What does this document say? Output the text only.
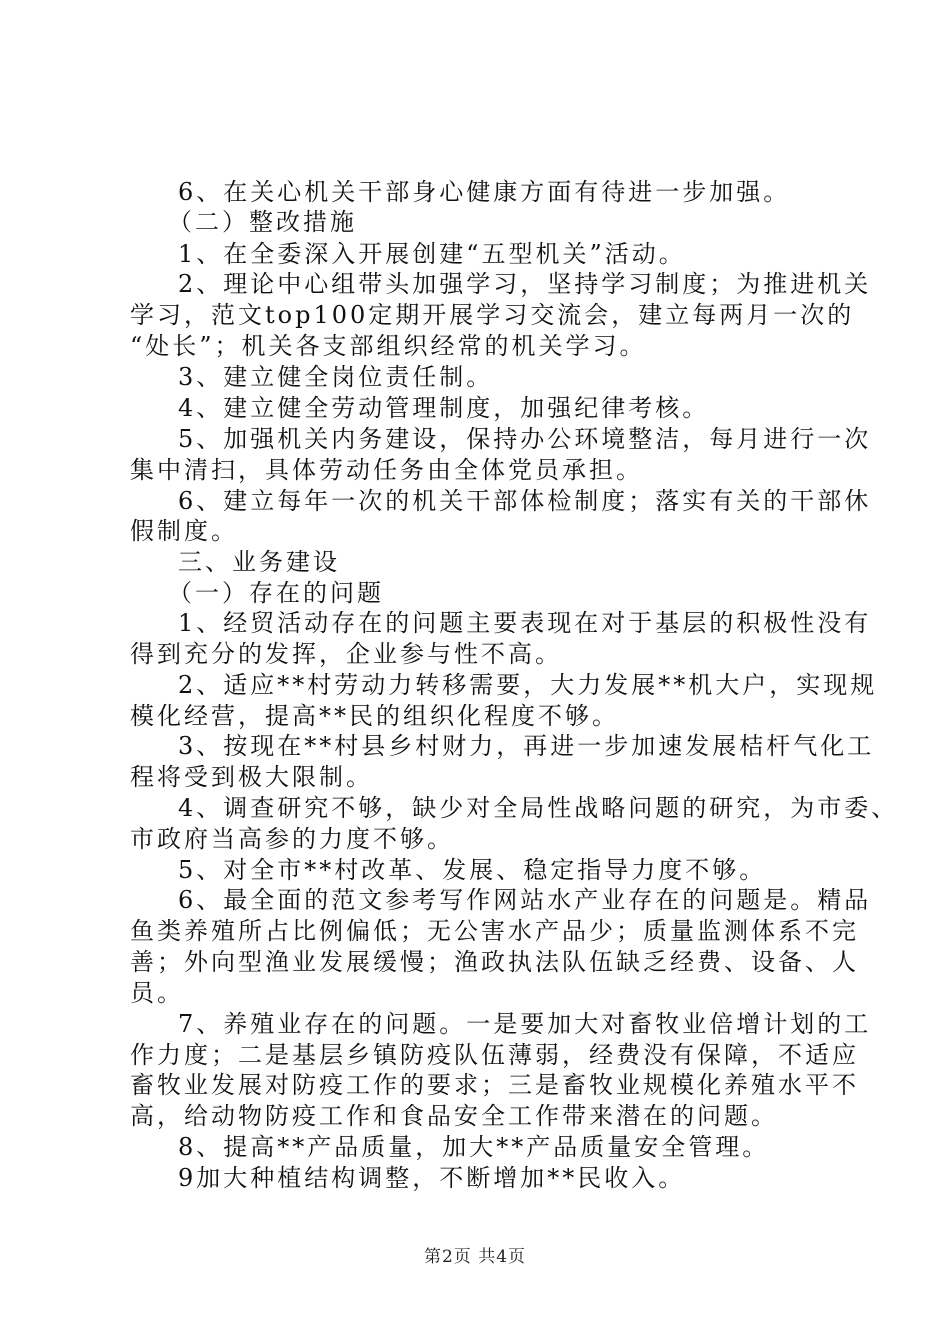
6、在关心机关干部身心健康方面有待进一步加强。
（二）整改措施
1、在全委深入开展创建“五型机关”活动。
2、理论中心组带头加强学习，坚持学习制度；为推进机关
学习，范文top100定期开展学习交流会，建立每两月一次的
“处长”；机关各支部组织经常的机关学习。
3、建立健全岗位责任制。
4、建立健全劳动管理制度，加强纪律考核。
5、加强机关内务建设，保持办公环境整洁，每月进行一次
集中清扫，具体劳动任务由全体党员承担。
6、建立每年一次的机关干部体检制度；落实有关的干部休
假制度。
三、业务建设
（一）存在的问题
1、经贸活动存在的问题主要表现在对于基层的积极性没有
得到充分的发挥，企业参与性不高。
2、适应**村劳动力转移需要，大力发展**机大户，实现规
模化经营，提高**民的组织化程度不够。
3、按现在**村县乡村财力，再进一步加速发展桔杆气化工
程将受到极大限制。
4、调查研究不够，缺少对全局性战略问题的研究，为市委、
市政府当高参的力度不够。
5、对全市**村改革、发展、稳定指导力度不够。
6、最全面的范文参考写作网站水产业存在的问题是。精品
鱼类养殖所占比例偏低；无公害水产品少；质量监测体系不完
善；外向型渔业发展缓慢；渔政执法队伍缺乏经费、设备、人
员。
7、养殖业存在的问题。一是要加大对畜牧业倍增计划的工
作力度；二是基层乡镇防疫队伍薄弱，经费没有保障，不适应
畜牧业发展对防疫工作的要求；三是畜牧业规模化养殖水平不
高，给动物防疫工作和食品安全工作带来潜在的问题。
8、提高**产品质量，加大**产品质量安全管理。
9加大种植结构调整，不断增加**民收入。
第2页 共4页
